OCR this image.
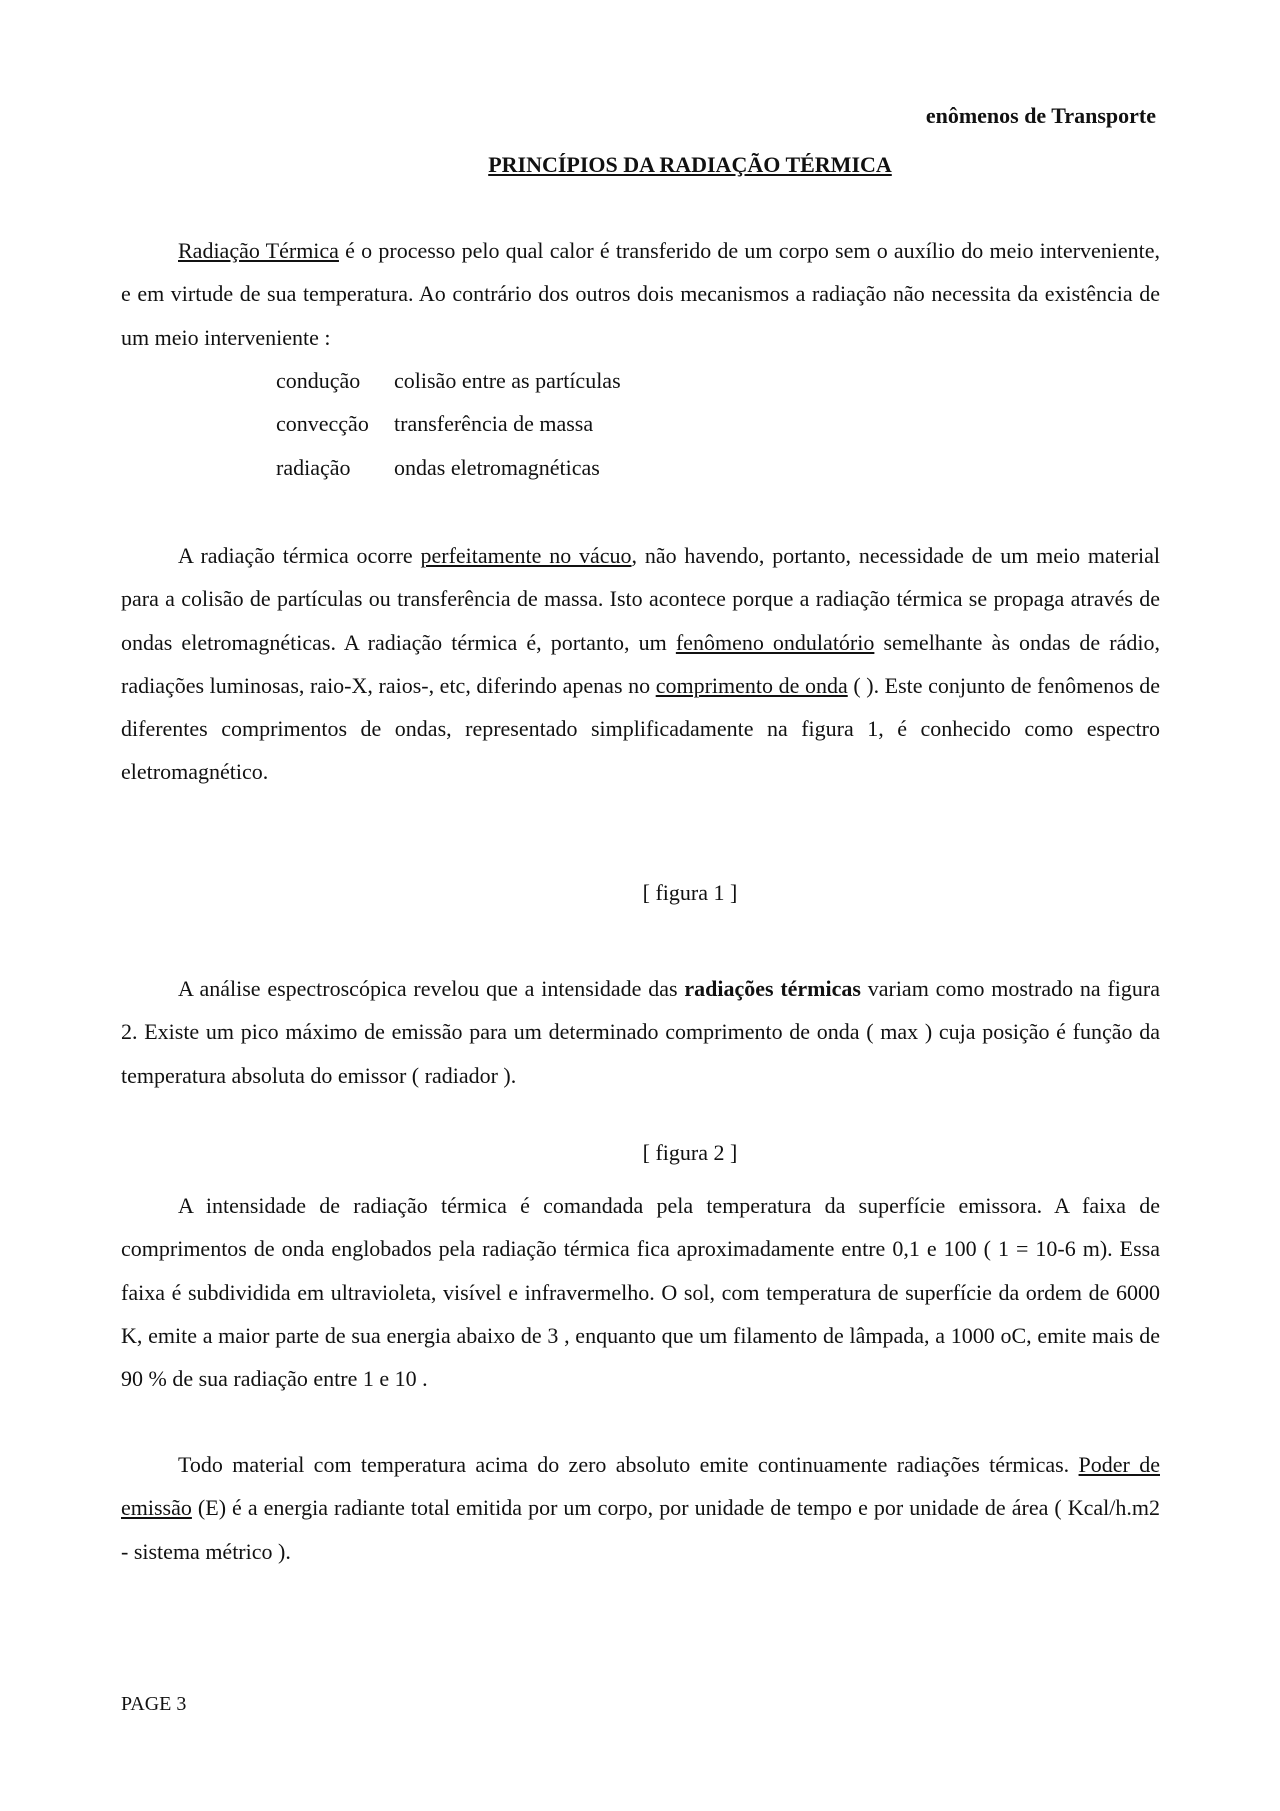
enômenos de Transporte
PRINCÍPIOS DA RADIAÇÃO TÉRMICA

Radiação Térmica é o processo pelo qual calor é transferido de um corpo sem o auxílio do meio interveniente, e em virtude de sua temperatura. Ao contrário dos outros dois mecanismos a radiação não necessita da existência de um meio interveniente :

condução colisão entre as partículas
convecção transferência de massa
radiação ondas eletromagnéticas

A radiação térmica ocorre perfeitamente no vácuo, não havendo, portanto, necessidade de um meio material para a colisão de partículas ou transferência de massa. Isto acontece porque a radiação térmica se propaga através de ondas eletromagnéticas. A radiação térmica é, portanto, um fenômeno ondulatório semelhante às ondas de rádio, radiações luminosas, raio-X, raios-, etc, diferindo apenas no comprimento de onda ( ). Este conjunto de fenômenos de diferentes comprimentos de ondas, representado simplificadamente na figura 1, é conhecido como espectro eletromagnético.

[ figura 1 ]

A análise espectroscópica revelou que a intensidade das radiações térmicas variam como mostrado na figura 2. Existe um pico máximo de emissão para um determinado comprimento de onda ( max ) cuja posição é função da temperatura absoluta do emissor ( radiador ).

[ figura 2 ]

A intensidade de radiação térmica é comandada pela temperatura da superfície emissora. A faixa de comprimentos de onda englobados pela radiação térmica fica aproximadamente entre 0,1 e 100 ( 1 = 10-6 m). Essa faixa é subdividida em ultravioleta, visível e infravermelho. O sol, com temperatura de superfície da ordem de 6000 K, emite a maior parte de sua energia abaixo de 3 , enquanto que um filamento de lâmpada, a 1000 oC, emite mais de 90 % de sua radiação entre 1 e 10 .

Todo material com temperatura acima do zero absoluto emite continuamente radiações térmicas. Poder de emissão (E) é a energia radiante total emitida por um corpo, por unidade de tempo e por unidade de área ( Kcal/h.m2 - sistema métrico ).

PAGE 3
